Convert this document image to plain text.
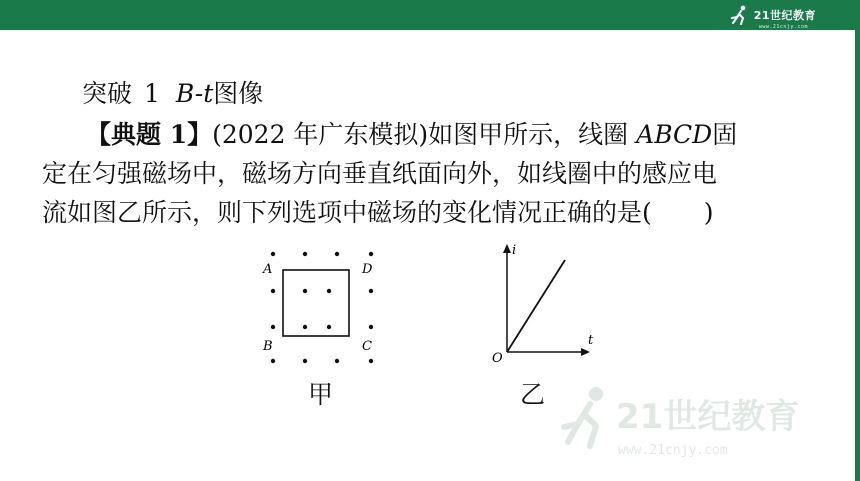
21世纪教育
www.21cnjy.com
突破 1 B-t图像
【典题 1】(2022 年广东模拟)如图甲所示，线圈 ABCD固
定在匀强磁场中，磁场方向垂直纸面向外，如线圈中的感应电
流如图乙所示，则下列选项中磁场的变化情况正确的是( )
A	D
B	C
甲
i
t
O
乙
21世纪教育
www.21cnjy.com
